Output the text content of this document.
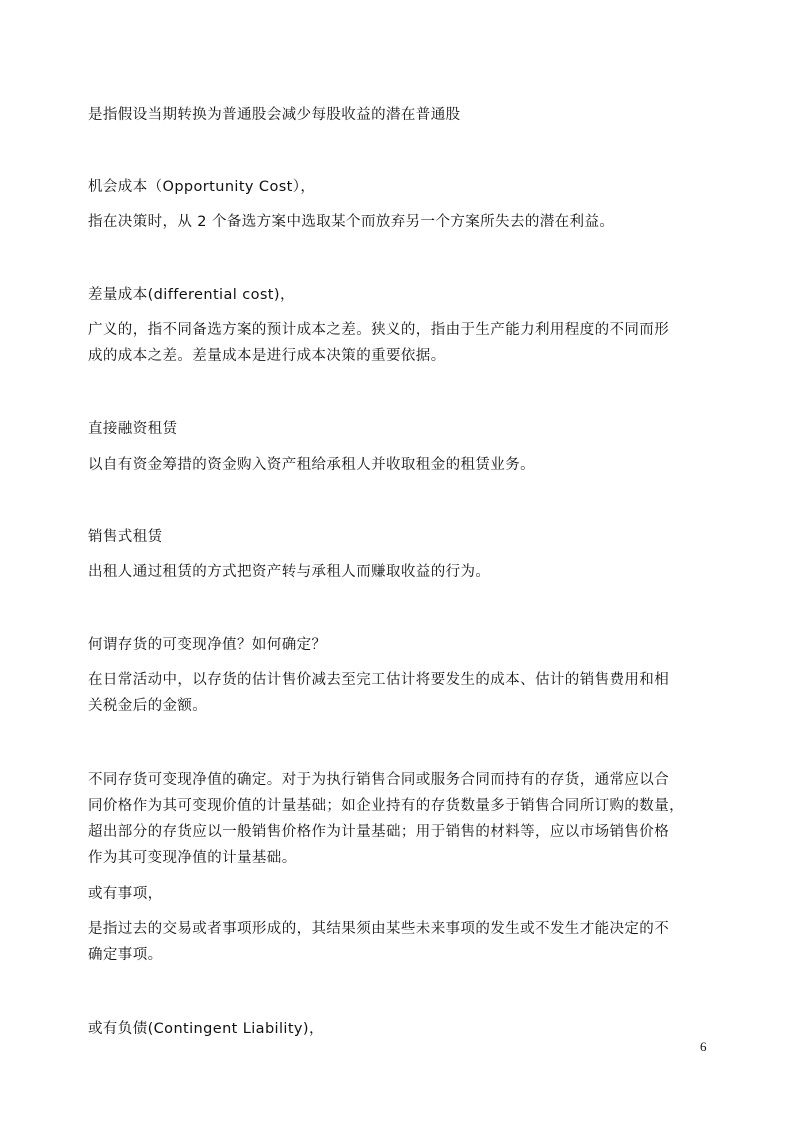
是指假设当期转换为普通股会减少每股收益的潜在普通股
机会成本（Opportunity Cost），
指在决策时，从 2 个备选方案中选取某个而放弃另一个方案所失去的潜在利益。
差量成本(differential cost)，
广义的，指不同备选方案的预计成本之差。狭义的，指由于生产能力利用程度的不同而形
成的成本之差。差量成本是进行成本决策的重要依据。
直接融资租赁
以自有资金筹措的资金购入资产租给承租人并收取租金的租赁业务。
销售式租赁
出租人通过租赁的方式把资产转与承租人而赚取收益的行为。
何谓存货的可变现净值？如何确定？
在日常活动中，以存货的估计售价减去至完工估计将要发生的成本、估计的销售费用和相
关税金后的金额。
不同存货可变现净值的确定。对于为执行销售合同或服务合同而持有的存货，通常应以合
同价格作为其可变现价值的计量基础；如企业持有的存货数量多于销售合同所订购的数量，
超出部分的存货应以一般销售价格作为计量基础；用于销售的材料等，应以市场销售价格
作为其可变现净值的计量基础。
或有事项，
是指过去的交易或者事项形成的，其结果须由某些未来事项的发生或不发生才能决定的不
确定事项。
或有负债(Contingent Liability)，
6
